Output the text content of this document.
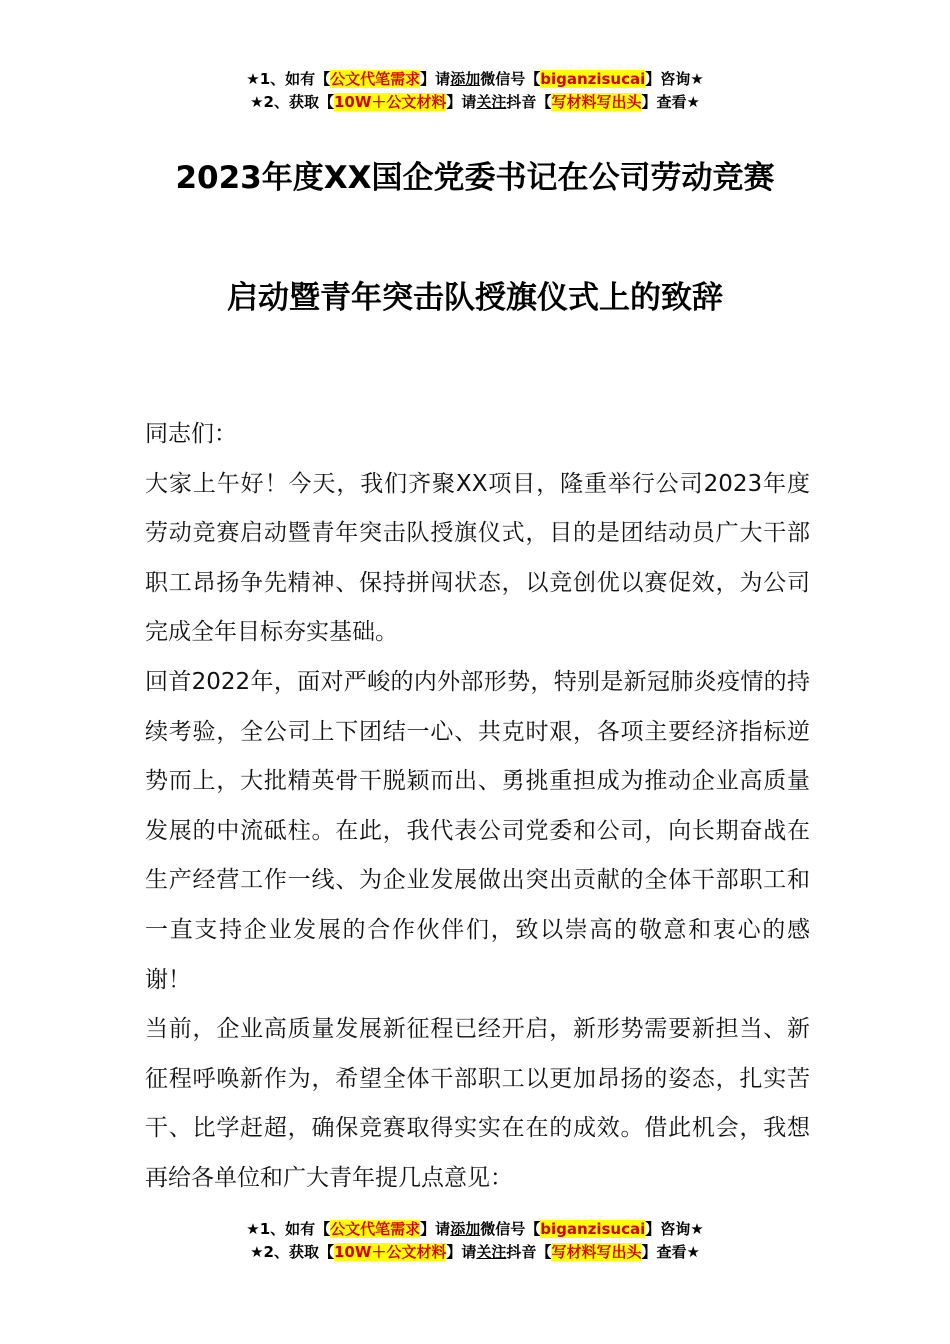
★1、如有【公文代笔需求】请添加微信号【biganzisucai】咨询★
★2、获取【10W＋公文材料】请关注抖音【写材料写出头】查看★
2023年度XX国企党委书记在公司劳动竞赛
启动暨青年突击队授旗仪式上的致辞

同志们：

大家上午好！今天，我们齐聚XX项目，隆重举行公司2023年度劳动竞赛启动暨青年突击队授旗仪式，目的是团结动员广大干部职工昂扬争先精神、保持拼闯状态，以竞创优以赛促效，为公司完成全年目标夯实基础。

回首2022年，面对严峻的内外部形势，特别是新冠肺炎疫情的持续考验，全公司上下团结一心、共克时艰，各项主要经济指标逆势而上，大批精英骨干脱颖而出、勇挑重担成为推动企业高质量发展的中流砥柱。在此，我代表公司党委和公司，向长期奋战在生产经营工作一线、为企业发展做出突出贡献的全体干部职工和一直支持企业发展的合作伙伴们，致以崇高的敬意和衷心的感谢！

当前，企业高质量发展新征程已经开启，新形势需要新担当、新征程呼唤新作为，希望全体干部职工以更加昂扬的姿态，扎实苦干、比学赶超，确保竞赛取得实实在在的成效。借此机会，我想再给各单位和广大青年提几点意见：

★1、如有【公文代笔需求】请添加微信号【biganzisucai】咨询★
★2、获取【10W＋公文材料】请关注抖音【写材料写出头】查看★
